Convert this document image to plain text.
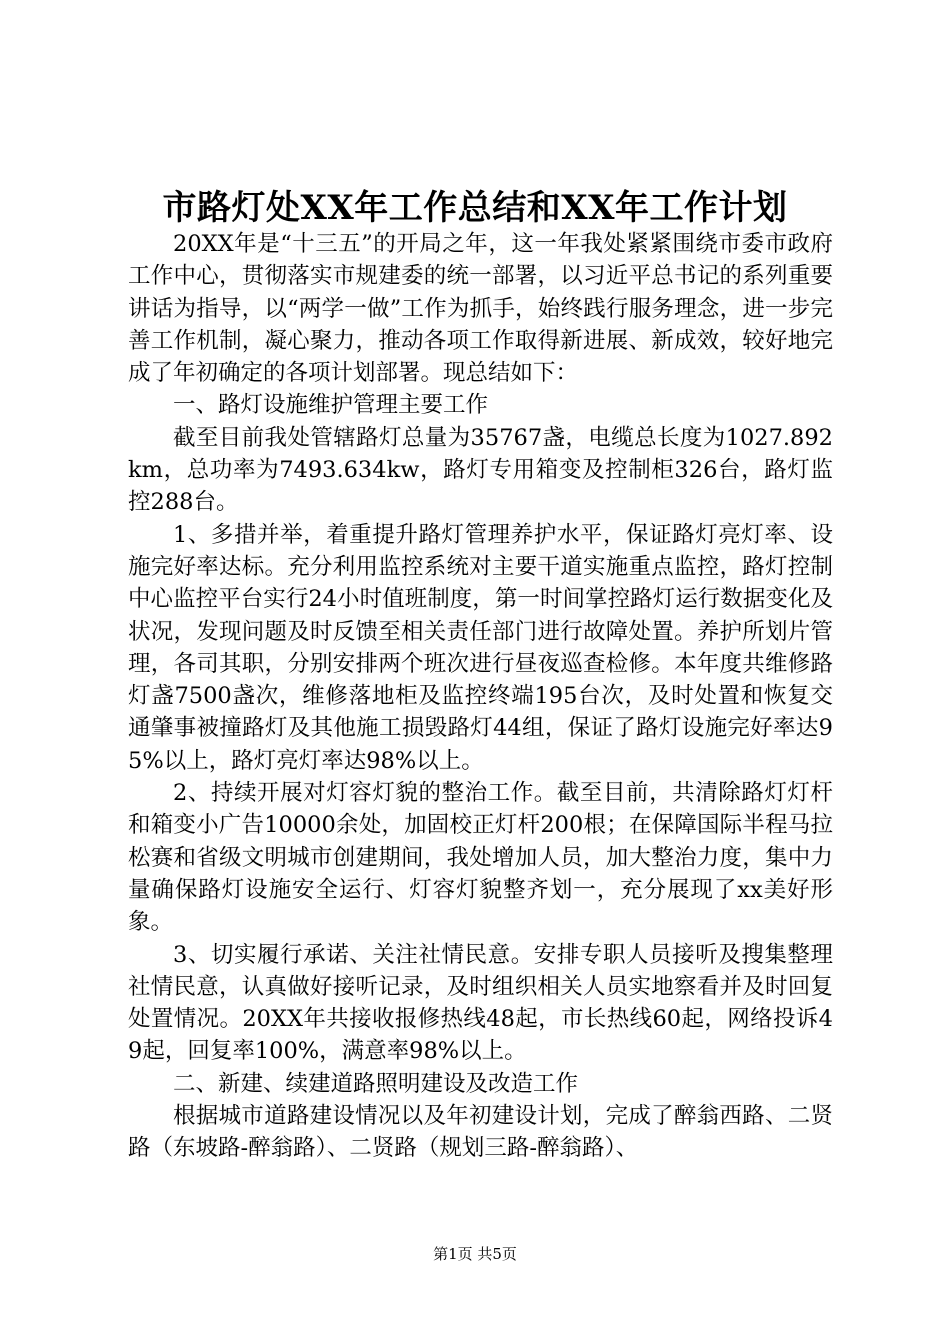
市路灯处XX年工作总结和XX年工作计划

20XX年是“十三五”的开局之年，这一年我处紧紧围绕市委市政府工作中心，贯彻落实市规建委的统一部署，以习近平总书记的系列重要讲话为指导，以“两学一做”工作为抓手，始终践行服务理念，进一步完善工作机制，凝心聚力，推动各项工作取得新进展、新成效，较好地完成了年初确定的各项计划部署。现总结如下：

一、路灯设施维护管理主要工作

截至目前我处管辖路灯总量为35767盏，电缆总长度为1027.892km，总功率为7493.634kw，路灯专用箱变及控制柜326台，路灯监控288台。

1、多措并举，着重提升路灯管理养护水平，保证路灯亮灯率、设施完好率达标。充分利用监控系统对主要干道实施重点监控，路灯控制中心监控平台实行24小时值班制度，第一时间掌控路灯运行数据变化及状况，发现问题及时反馈至相关责任部门进行故障处置。养护所划片管理，各司其职，分别安排两个班次进行昼夜巡查检修。本年度共维修路灯盏7500盏次，维修落地柜及监控终端195台次，及时处置和恢复交通肇事被撞路灯及其他施工损毁路灯44组，保证了路灯设施完好率达95%以上，路灯亮灯率达98%以上。

2、持续开展对灯容灯貌的整治工作。截至目前，共清除路灯灯杆和箱变小广告10000余处，加固校正灯杆200根；在保障国际半程马拉松赛和省级文明城市创建期间，我处增加人员，加大整治力度，集中力量确保路灯设施安全运行、灯容灯貌整齐划一，充分展现了xx美好形象。

3、切实履行承诺、关注社情民意。安排专职人员接听及搜集整理社情民意，认真做好接听记录，及时组织相关人员实地察看并及时回复处置情况。20XX年共接收报修热线48起，市长热线60起，网络投诉49起，回复率100%，满意率98%以上。

二、新建、续建道路照明建设及改造工作

根据城市道路建设情况以及年初建设计划，完成了醉翁西路、二贤路（东坡路-醉翁路）、二贤路（规划三路-醉翁路）、

第1页 共5页
